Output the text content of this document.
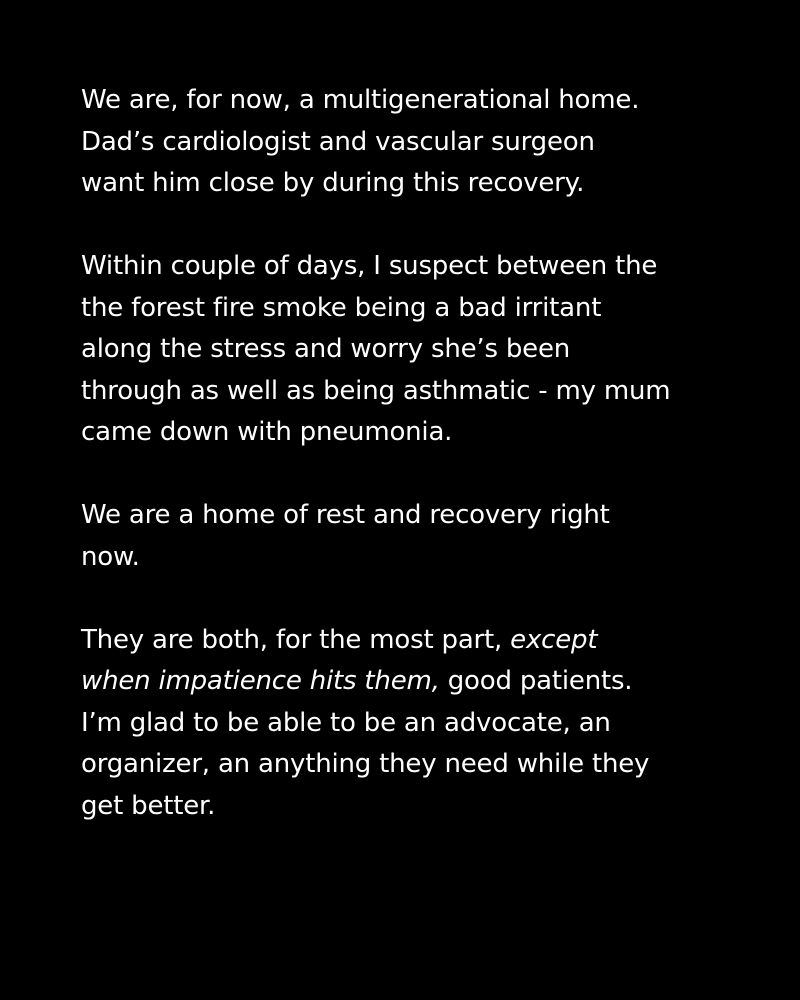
We are, for now, a multigenerational home.
Dad’s cardiologist and vascular surgeon
want him close by during this recovery.
Within couple of days, I suspect between the
the forest fire smoke being a bad irritant
along the stress and worry she’s been
through as well as being asthmatic - my mum
came down with pneumonia.
We are a home of rest and recovery right
now.
They are both, for the most part, except
when impatience hits them, good patients.
I’m glad to be able to be an advocate, an
organizer, an anything they need while they
get better.
